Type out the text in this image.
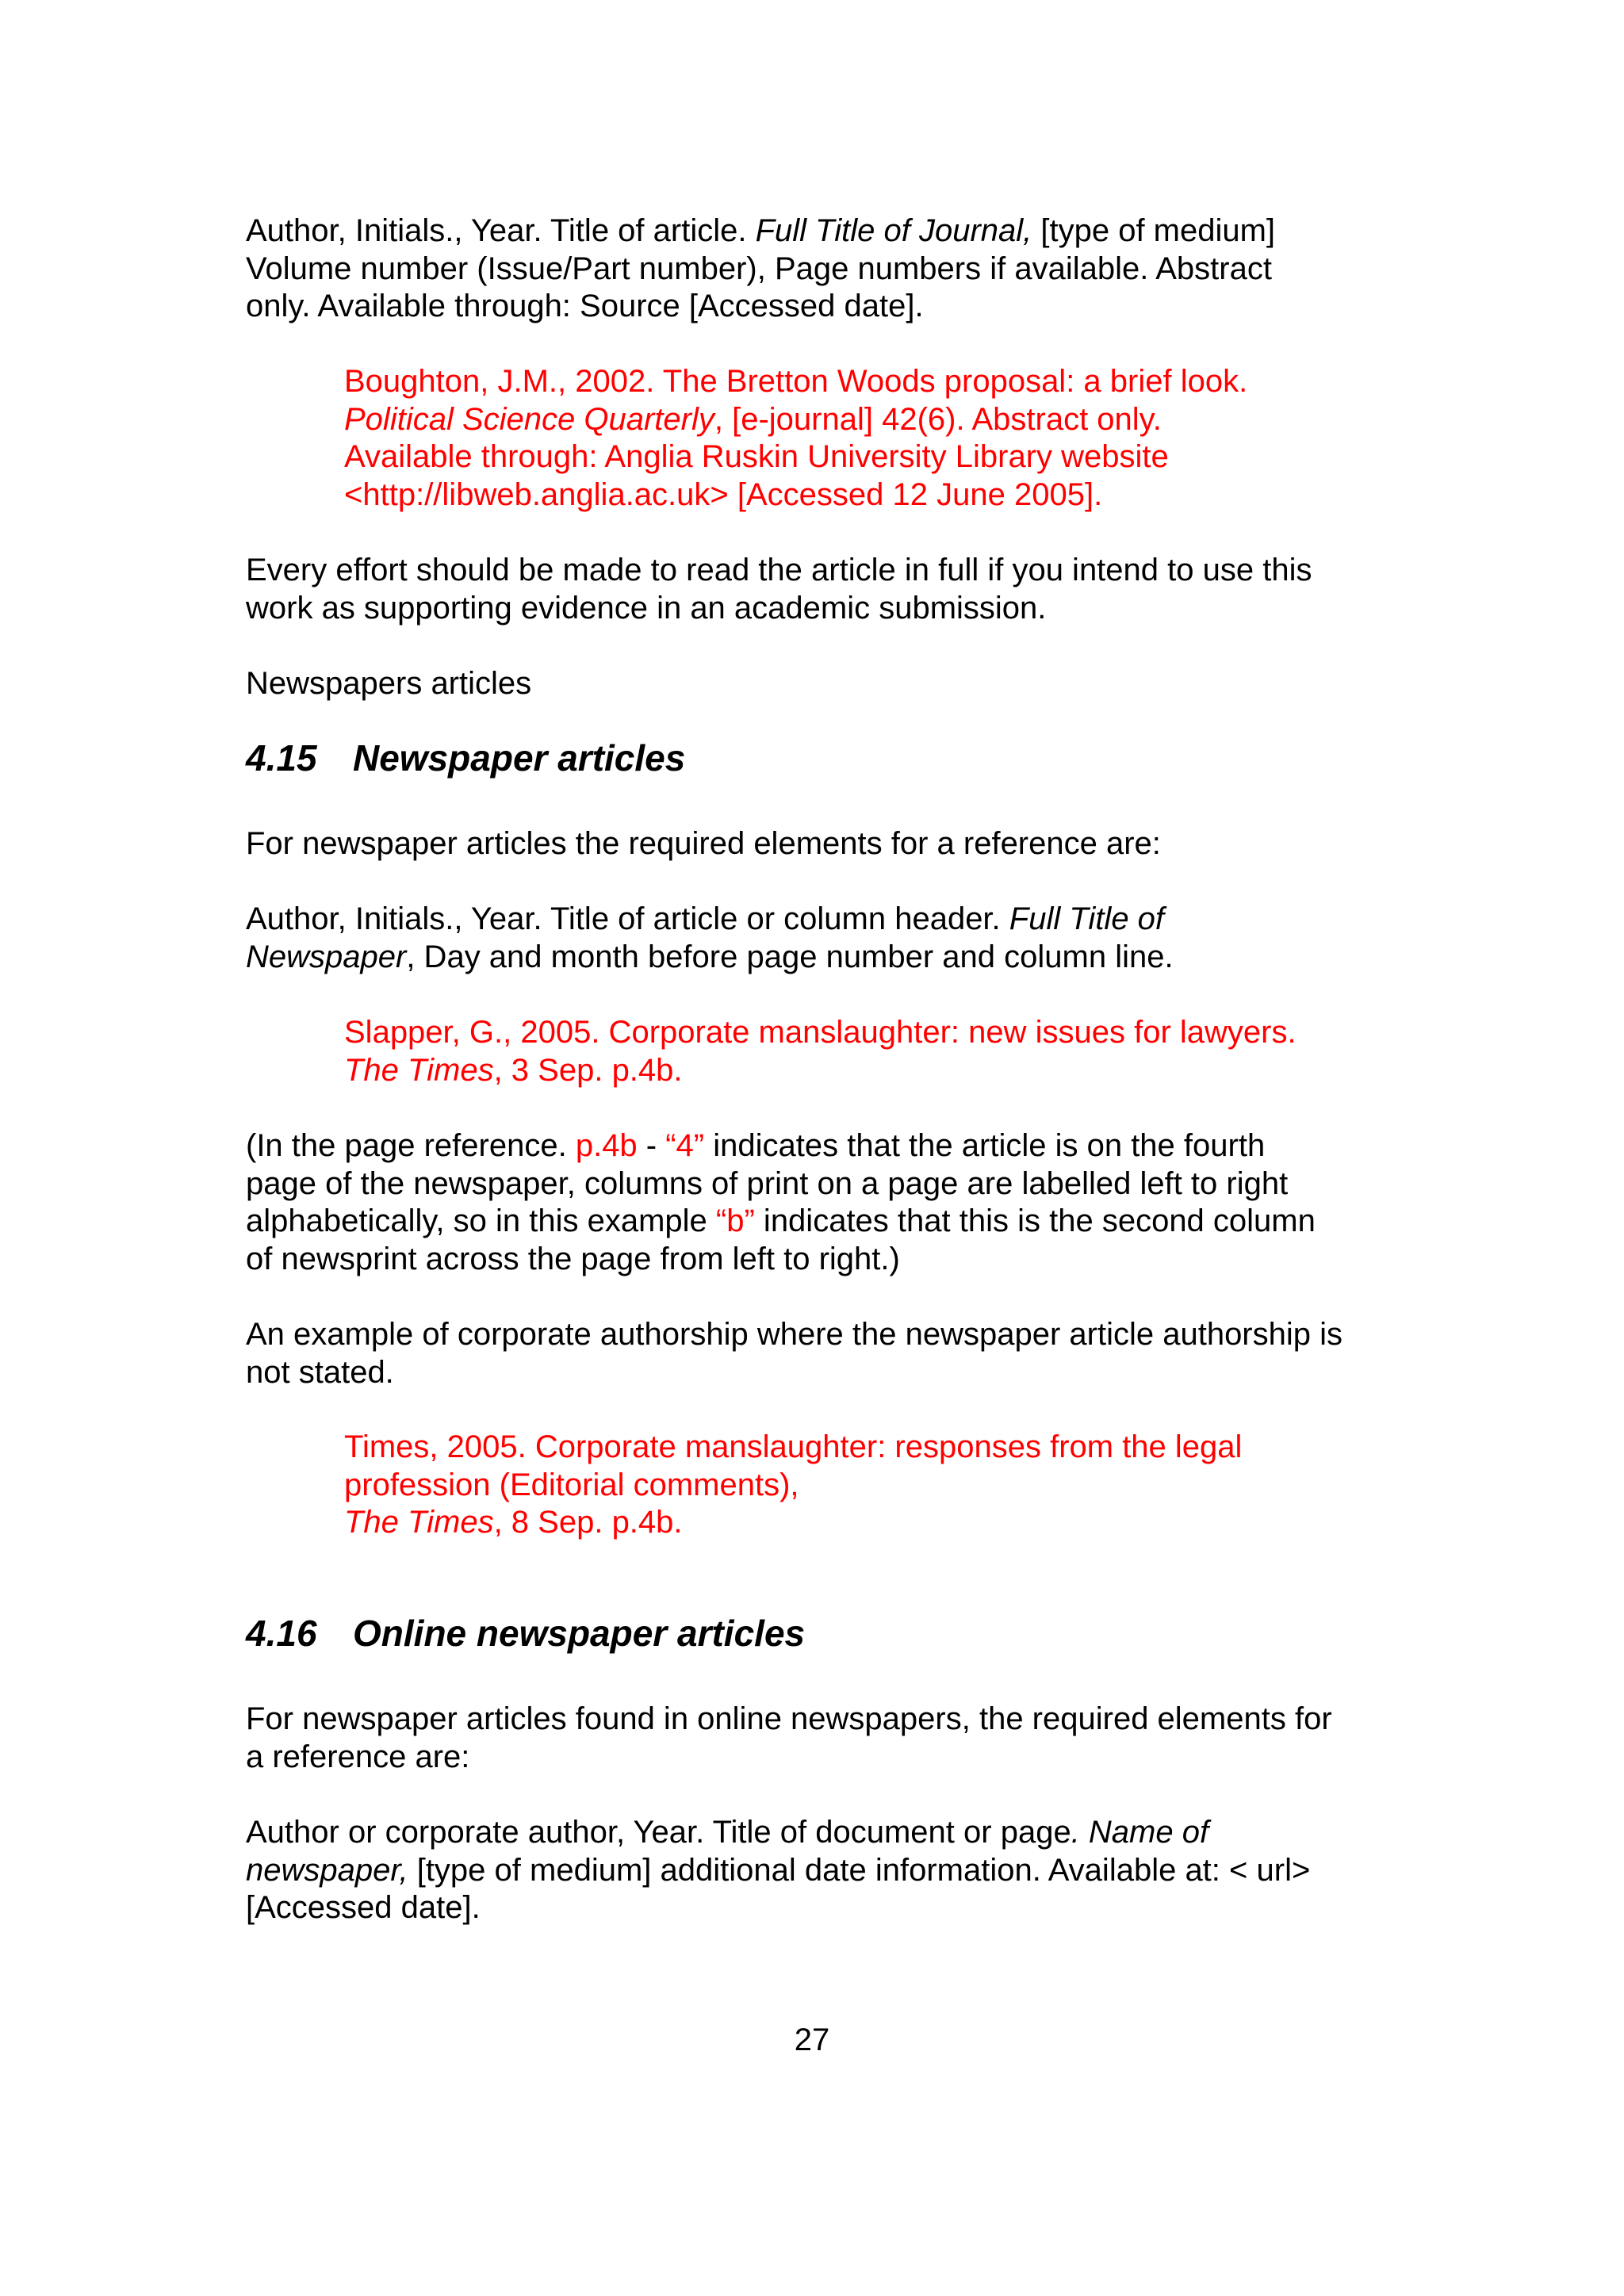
Author, Initials., Year. Title of article. Full Title of Journal, [type of medium]
Volume number (Issue/Part number), Page numbers if available. Abstract
only. Available through: Source [Accessed date].

Boughton, J.M., 2002. The Bretton Woods proposal: a brief look.
Political Science Quarterly, [e-journal] 42(6). Abstract only.
Available through: Anglia Ruskin University Library website
<http://libweb.anglia.ac.uk> [Accessed 12 June 2005].

Every effort should be made to read the article in full if you intend to use this
work as supporting evidence in an academic submission.

Newspapers articles

4.15 Newspaper articles

For newspaper articles the required elements for a reference are:

Author, Initials., Year. Title of article or column header. Full Title of
Newspaper, Day and month before page number and column line.

Slapper, G., 2005. Corporate manslaughter: new issues for lawyers.
The Times, 3 Sep. p.4b.

(In the page reference. p.4b - “4” indicates that the article is on the fourth
page of the newspaper, columns of print on a page are labelled left to right
alphabetically, so in this example “b” indicates that this is the second column
of newsprint across the page from left to right.)

An example of corporate authorship where the newspaper article authorship is
not stated.

Times, 2005. Corporate manslaughter: responses from the legal
profession (Editorial comments),
The Times, 8 Sep. p.4b.

4.16 Online newspaper articles

For newspaper articles found in online newspapers, the required elements for
a reference are:

Author or corporate author, Year. Title of document or page. Name of
newspaper, [type of medium] additional date information. Available at: < url>
[Accessed date].

27
